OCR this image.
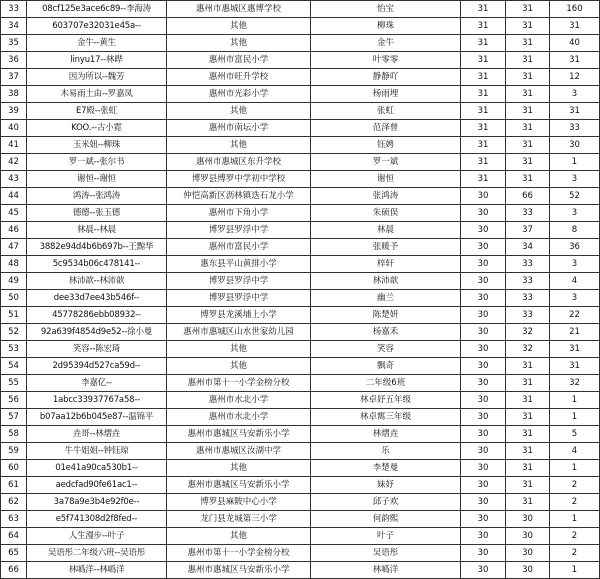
33	08cf125e3ace6c89--李海涛	惠州市惠城区惠博学校	怡宝	31	31	160
34	603707e32031e45a--	其他	柳珠	31	31	31
35	金牛--黄生	其他	金牛	31	31	40
36	linyu17--林晔	惠州市富民小学	叶零零	31	31	31
37	因为所以--魏芳	惠州市旺升学校	静静吖	31	31	12
38	木易雨土由--罗嘉凤	惠州市光彩小学	杨雨埋	31	31	3
39	E7殿--张虹	其他	张虹	31	31	31
40	KOO.--古小霓	惠州市南坛小学	范泽曾	31	31	33
41	玉米妞--柳珠	其他	钰娉	31	31	30
42	罗一斌--张尔书	惠州市惠城区东升学校	罗一斌	31	31	1
43	谢恒--谢恒	博罗县博罗中学初中学校	谢恒	31	31	3
44	鸿涛--张鸿涛	仲恺高新区沥林镇迭石龙小学	张鸿涛	30	66	52
45	德德--张玉德	惠州市下角小学	朱硕俣	30	33	3
46	林晨--林晨	博罗县罗浮中学	林晨	30	37	8
47	3882e94d4b6b697b--王黥华	惠州市富民小学	张暖予	30	34	36
48	5c9534b06c478141--	惠东县平山黄排小学	梓轩	30	33	3
49	林沛歆--林沛歆	博罗县罗浮中学	林沛歆	30	33	4
50	dee33d7ee43b546f--	博罗县罗浮中学	幽兰	30	33	3
51	45778286ebb08932--	博罗县龙溪埔上小学	陈楚妍	30	33	22
52	92a639f4854d9e52--徐小曼	惠州市惠城区山水世家幼儿园	杨嘉禾	30	32	21
53	笑容--陈宏琦	其他	笑容	30	32	31
54	2d95394d527ca59d--	其他	飘奇	30	31	31
55	李嘉亿--	惠州市第十一小学金榜分校	二年级6班	30	31	32
56	1abcc33937767a58--	惠州市水北小学	林卓妤五年级	30	31	1
57	b07aa12b6b045e87--温锦平	惠州市水北小学	林卓寯三年级	30	31	1
58	垚哥--林熠垚	惠州市惠城区马安新乐小学	林熠垚	30	31	5
59	牛牛姐姐--钟钰琼	惠州市惠城区汝湖中学	乐	30	31	4
60	01e41a90ca530b1--	其他	李楚曼	30	31	1
61	aedcfad90fe61ac1--	惠州市惠城区马安新乐小学	妹妤	30	31	2
62	3a78a9e3b4e92f0e--	博罗县麻陂中心小学	邱子欢	30	31	2
63	e5f741308d2f8fed--	龙门县龙城第三小学	何韵熙	30	30	1
64	人生漫步--叶子	其他	叶子	30	30	2
65	吴语彤二年级六班--吴语彤	惠州市第十一小学金榜分校	吴语彤	30	30	2
66	林噅洋--林噅洋	惠州市惠城区马安新乐小学	林噅洋	30	30	1
